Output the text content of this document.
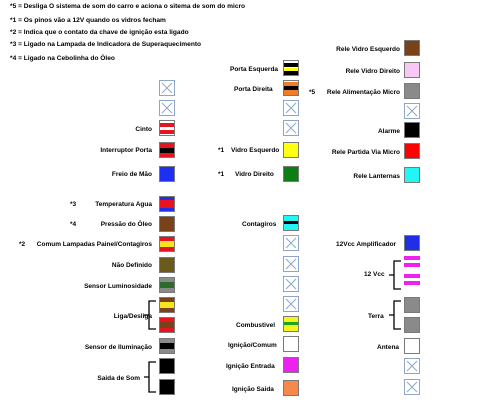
*5 = Desliga O sistema de som do carro e aciona o sitema de som do micro
*1 = Os pinos vão a 12V quando os vidros fecham
*2 = Indica que o contato da chave de ignição esta ligado
*3 = Ligado na Lampada de Indicadora de Superaquecimento
*4 = Ligado na Cebolinha do Óleo
Cinto
Interruptor Porta
Freio de Mão
Porta Esquerda
Porta Direita
*1 Vidro Esquerdo
*1 Vidro Direito
Rele Vidro Esquerdo
Rele Vidro Direito
*5 Rele Alimentação Micro
Alarme
Rele Partida Via Micro
Rele Lanternas
*3	Temperatura Agua
*4	Pressão do Óleo
*2 Comum Lampadas Painel/Contagiros
Não Definido
Sensor Luminosidade
Liga/Desliga
Sensor de Iluminação
Saida de Som
Contagiros
Combustivel
Ignição/Comum
Ignição Entrada
Ignição Saida
12Vcc Amplificador
12 Vcc
Terra
Antena
